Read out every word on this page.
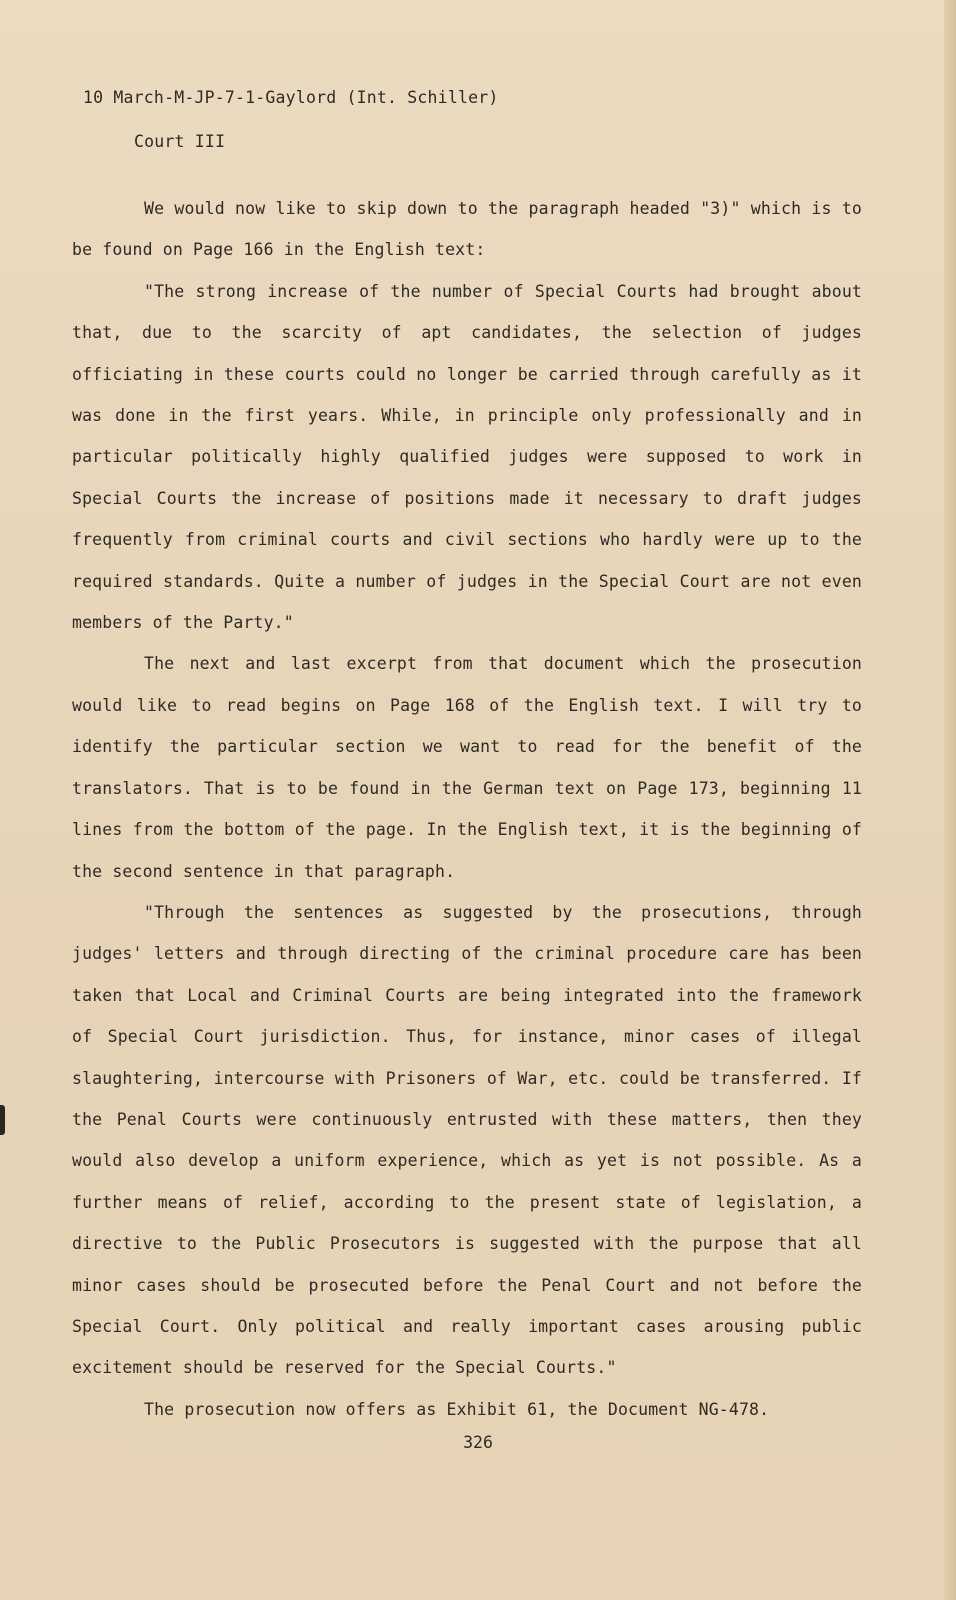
10 March-M-JP-7-1-Gaylord (Int. Schiller)
Court III

We would now like to skip down to the paragraph headed "3)" which is to be found on Page 166 in the English text:

"The strong increase of the number of Special Courts had brought about that, due to the scarcity of apt candidates, the selection of judges officiating in these courts could no longer be carried through carefully as it was done in the first years. While, in principle only professionally and in particular politically highly qualified judges were supposed to work in Special Courts the increase of positions made it necessary to draft judges frequently from criminal courts and civil sections who hardly were up to the required standards. Quite a number of judges in the Special Court are not even members of the Party."

The next and last excerpt from that document which the prosecution would like to read begins on Page 168 of the English text. I will try to identify the particular section we want to read for the benefit of the translators. That is to be found in the German text on Page 173, beginning 11 lines from the bottom of the page. In the English text, it is the beginning of the second sentence in that paragraph.

"Through the sentences as suggested by the prosecutions, through judges' letters and through directing of the criminal procedure care has been taken that Local and Criminal Courts are being integrated into the framework of Special Court jurisdiction. Thus, for instance, minor cases of illegal slaughtering, intercourse with Prisoners of War, etc. could be transferred. If the Penal Courts were continuously entrusted with these matters, then they would also develop a uniform experience, which as yet is not possible. As a further means of relief, according to the present state of legislation, a directive to the Public Prosecutors is suggested with the purpose that all minor cases should be prosecuted before the Penal Court and not before the Special Court. Only political and really important cases arousing public excitement should be reserved for the Special Courts."

The prosecution now offers as Exhibit 61, the Document NG-478.

326
